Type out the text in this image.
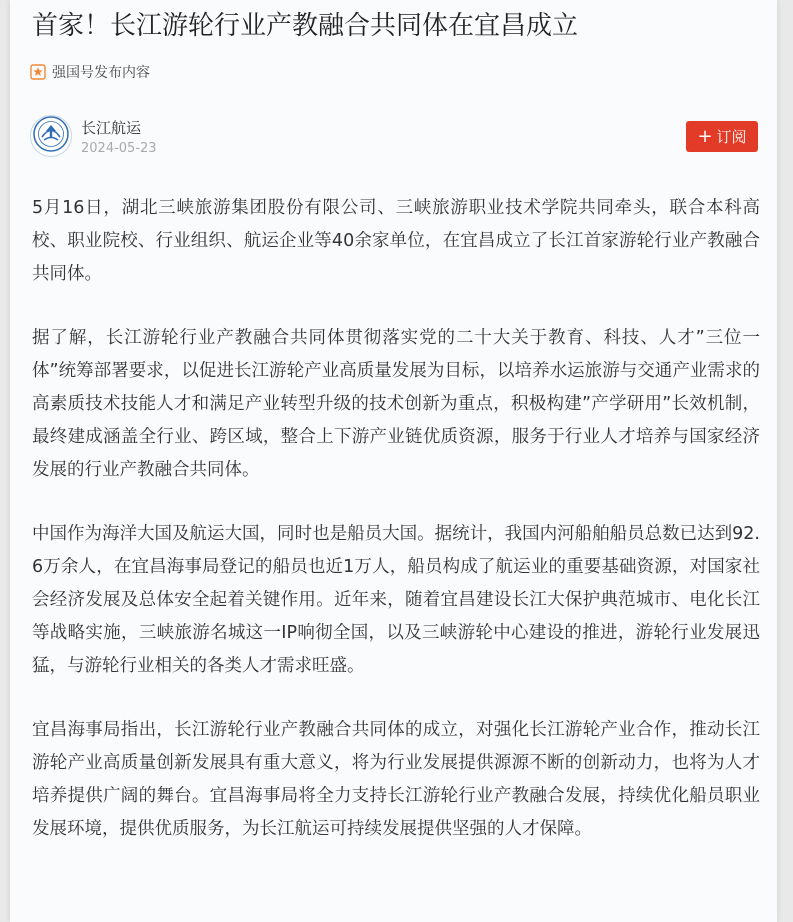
首家！长江游轮行业产教融合共同体在宜昌成立
强国号发布内容
长江航运
2024-05-23
+ 订阅

5月16日，湖北三峡旅游集团股份有限公司、三峡旅游职业技术学院共同牵头，联合本科高校、职业院校、行业组织、航运企业等40余家单位，在宜昌成立了长江首家游轮行业产教融合共同体。

据了解，长江游轮行业产教融合共同体贯彻落实党的二十大关于教育、科技、人才”三位一体”统筹部署要求，以促进长江游轮产业高质量发展为目标，以培养水运旅游与交通产业需求的高素质技术技能人才和满足产业转型升级的技术创新为重点，积极构建”产学研用”长效机制，最终建成涵盖全行业、跨区域，整合上下游产业链优质资源，服务于行业人才培养与国家经济发展的行业产教融合共同体。

中国作为海洋大国及航运大国，同时也是船员大国。据统计，我国内河船舶船员总数已达到92.6万余人，在宜昌海事局登记的船员也近1万人，船员构成了航运业的重要基础资源，对国家社会经济发展及总体安全起着关键作用。近年来，随着宜昌建设长江大保护典范城市、电化长江等战略实施，三峡旅游名城这一IP响彻全国，以及三峡游轮中心建设的推进，游轮行业发展迅猛，与游轮行业相关的各类人才需求旺盛。

宜昌海事局指出，长江游轮行业产教融合共同体的成立，对强化长江游轮产业合作，推动长江游轮产业高质量创新发展具有重大意义，将为行业发展提供源源不断的创新动力，也将为人才培养提供广阔的舞台。宜昌海事局将全力支持长江游轮行业产教融合发展，持续优化船员职业发展环境，提供优质服务，为长江航运可持续发展提供坚强的人才保障。
